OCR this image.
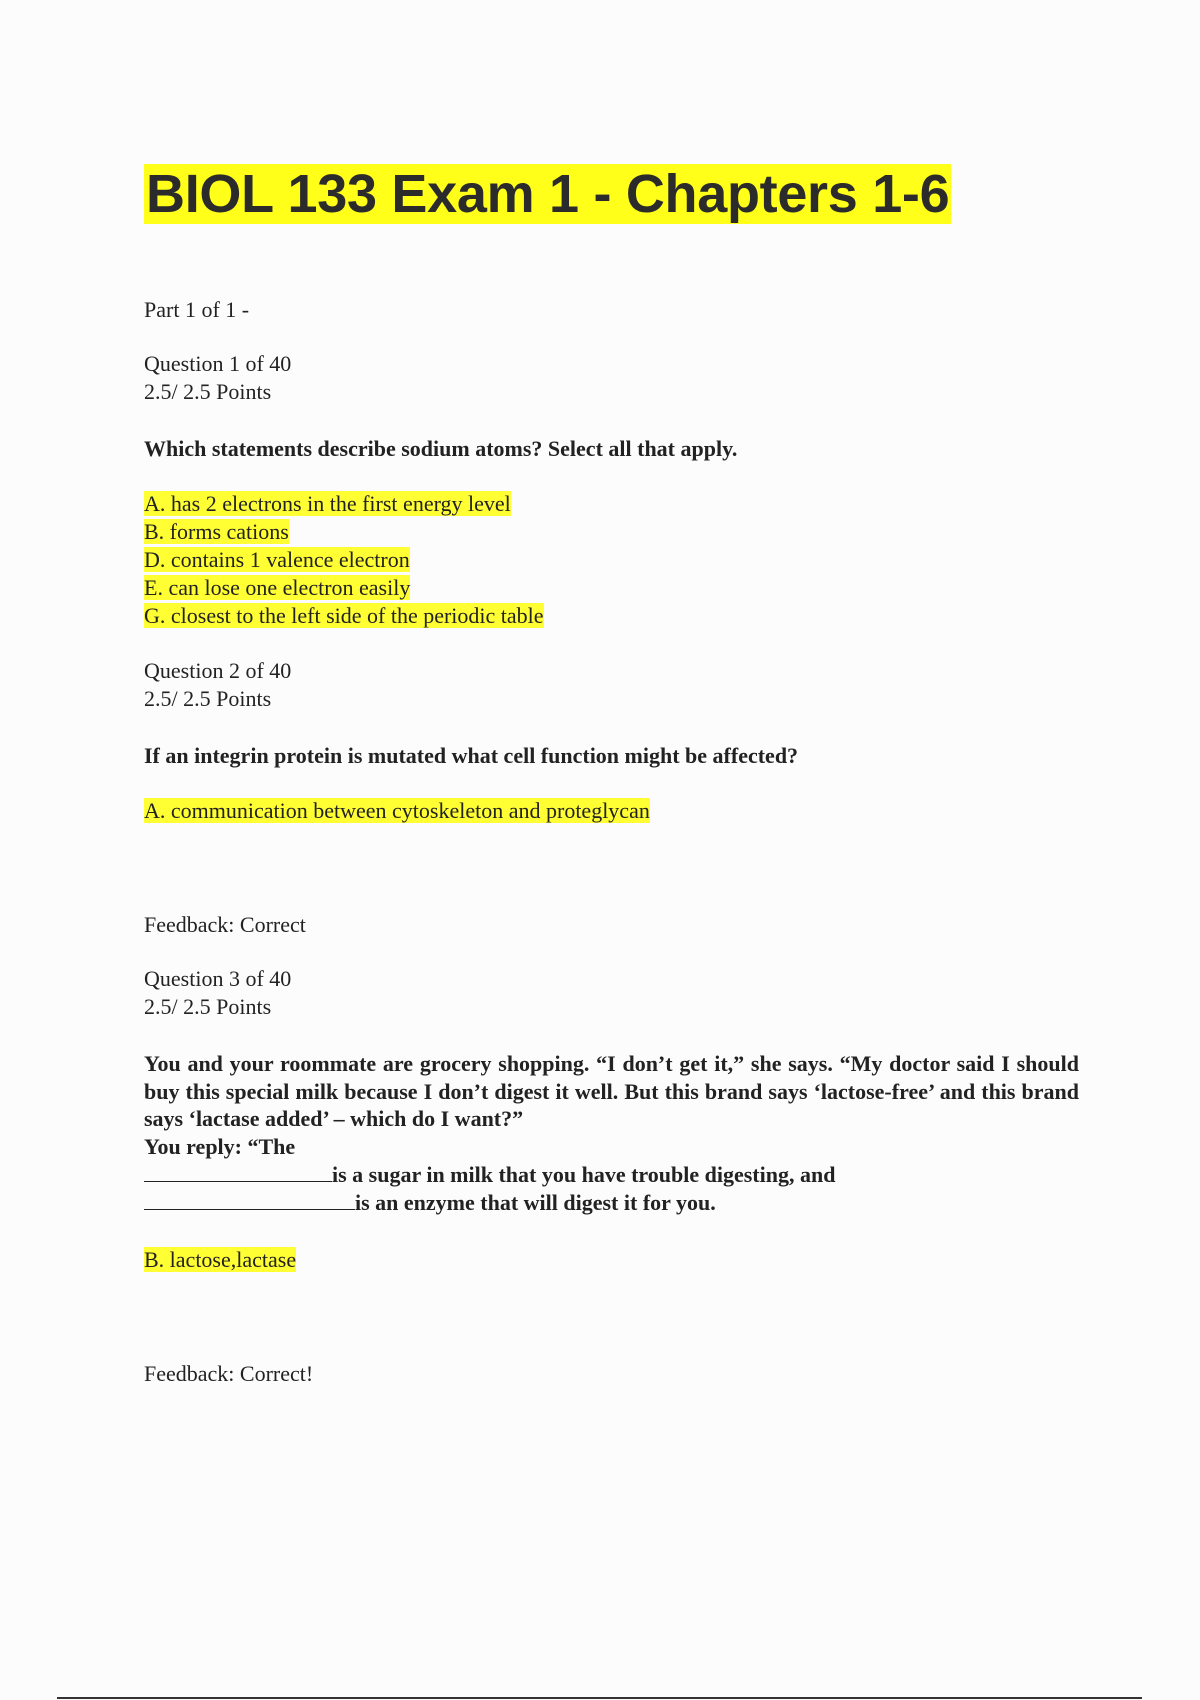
BIOL 133 Exam 1 - Chapters 1-6
Part 1 of 1 -
Question 1 of 40
2.5/ 2.5 Points
Which statements describe sodium atoms? Select all that apply.
A. has 2 electrons in the first energy level
B. forms cations
D. contains 1 valence electron
E. can lose one electron easily
G. closest to the left side of the periodic table
Question 2 of 40
2.5/ 2.5 Points
If an integrin protein is mutated what cell function might be affected?
A. communication between cytoskeleton and proteglycan
Feedback: Correct
Question 3 of 40
2.5/ 2.5 Points
You and your roommate are grocery shopping. “I don’t get it,” she says. “My doctor said I should buy this special milk because I don’t digest it well. But this brand says ‘lactose-free’ and this brand says ‘lactase added’ – which do I want?”
You reply: “The
is a sugar in milk that you have trouble digesting, and
is an enzyme that will digest it for you.
B. lactose,lactase
Feedback: Correct!
